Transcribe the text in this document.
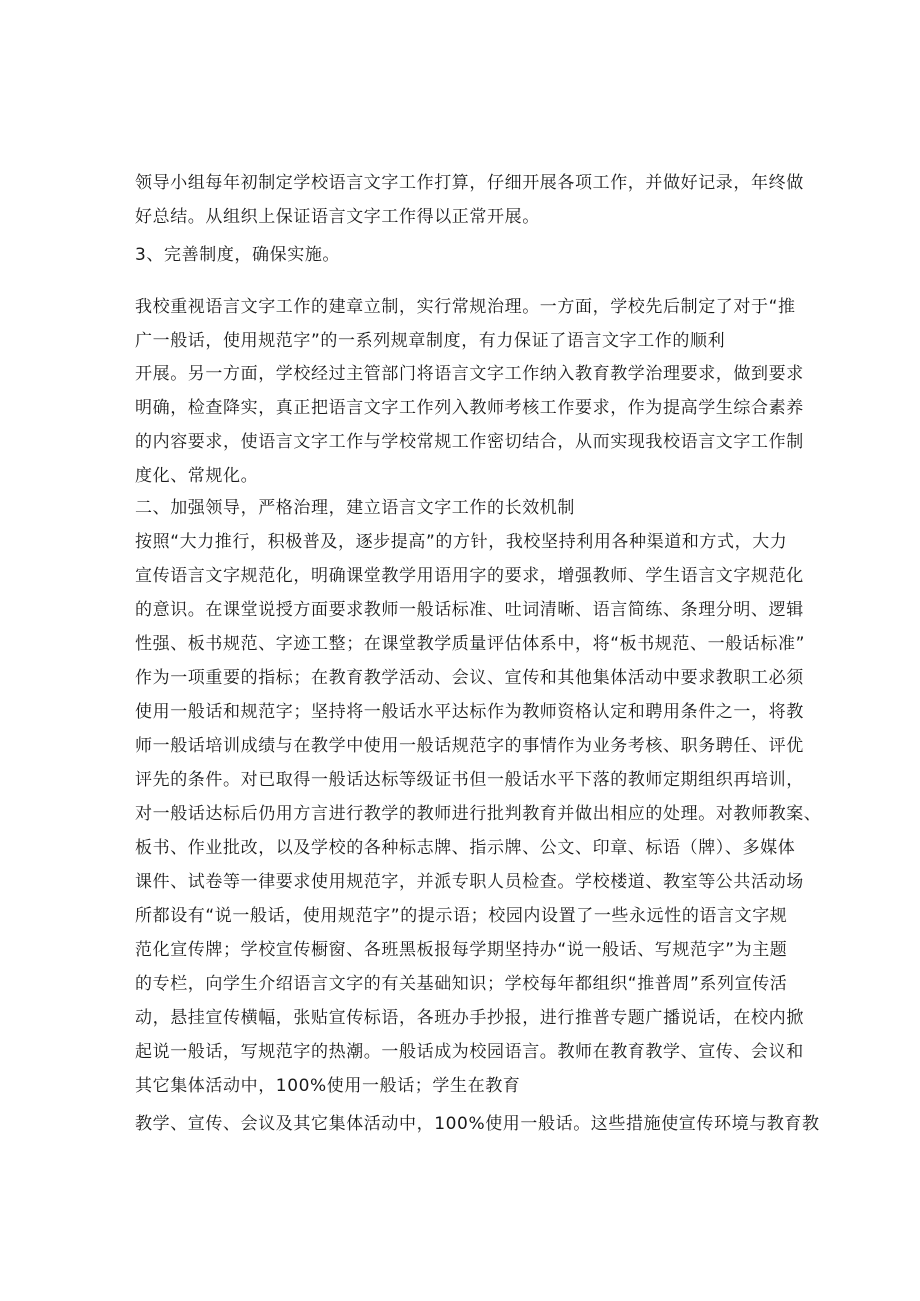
领导小组每年初制定学校语言文字工作打算，仔细开展各项工作，并做好记录，年终做
好总结。从组织上保证语言文字工作得以正常开展。
3、完善制度，确保实施。
我校重视语言文字工作的建章立制，实行常规治理。一方面，学校先后制定了对于“推
广一般话，使用规范字”的一系列规章制度，有力保证了语言文字工作的顺利
开展。另一方面，学校经过主管部门将语言文字工作纳入教育教学治理要求，做到要求
明确，检查降实，真正把语言文字工作列入教师考核工作要求，作为提高学生综合素养
的内容要求，使语言文字工作与学校常规工作密切结合，从而实现我校语言文字工作制
度化、常规化。
二、加强领导，严格治理，建立语言文字工作的长效机制
按照“大力推行，积极普及，逐步提高”的方针，我校坚持利用各种渠道和方式，大力
宣传语言文字规范化，明确课堂教学用语用字的要求，增强教师、学生语言文字规范化
的意识。在课堂说授方面要求教师一般话标准、吐词清晰、语言简练、条理分明、逻辑
性强、板书规范、字迹工整；在课堂教学质量评估体系中，将“板书规范、一般话标准”
作为一项重要的指标；在教育教学活动、会议、宣传和其他集体活动中要求教职工必须
使用一般话和规范字；坚持将一般话水平达标作为教师资格认定和聘用条件之一，将教
师一般话培训成绩与在教学中使用一般话规范字的事情作为业务考核、职务聘任、评优
评先的条件。对已取得一般话达标等级证书但一般话水平下落的教师定期组织再培训，
对一般话达标后仍用方言进行教学的教师进行批判教育并做出相应的处理。对教师教案、
板书、作业批改，以及学校的各种标志牌、指示牌、公文、印章、标语（牌）、多媒体
课件、试卷等一律要求使用规范字，并派专职人员检查。学校楼道、教室等公共活动场
所都设有“说一般话，使用规范字”的提示语；校园内设置了一些永远性的语言文字规
范化宣传牌；学校宣传橱窗、各班黑板报每学期坚持办“说一般话、写规范字”为主题
的专栏，向学生介绍语言文字的有关基础知识；学校每年都组织“推普周”系列宣传活
动，悬挂宣传横幅，张贴宣传标语，各班办手抄报，进行推普专题广播说话，在校内掀
起说一般话，写规范字的热潮。一般话成为校园语言。教师在教育教学、宣传、会议和
其它集体活动中，100%使用一般话；学生在教育
教学、宣传、会议及其它集体活动中，100%使用一般话。这些措施使宣传环境与教育教
